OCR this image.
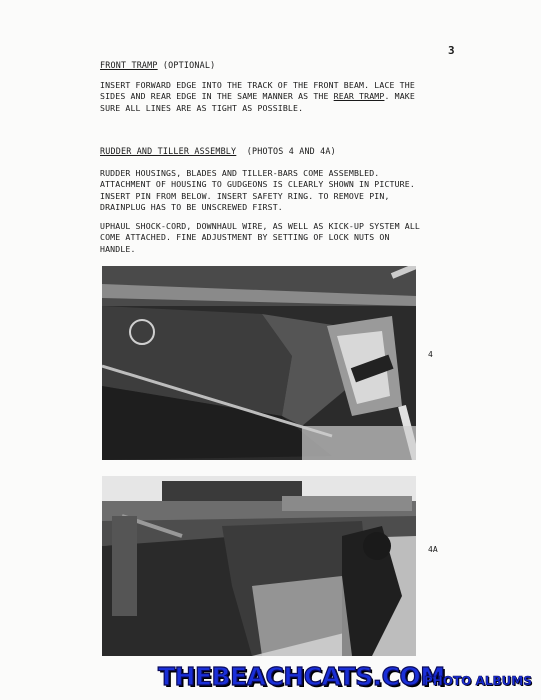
3
FRONT TRAMP (OPTIONAL)

INSERT FORWARD EDGE INTO THE TRACK OF THE FRONT BEAM. LACE THE SIDES AND REAR EDGE IN THE SAME MANNER AS THE REAR TRAMP. MAKE SURE ALL LINES ARE AS TIGHT AS POSSIBLE.

RUDDER AND TILLER ASSEMBLY  (PHOTOS 4 AND 4A)

RUDDER HOUSINGS, BLADES AND TILLER-BARS COME ASSEMBLED. ATTACHMENT OF HOUSING TO GUDGEONS IS CLEARLY SHOWN IN PICTURE. INSERT PIN FROM BELOW. INSERT SAFETY RING. TO REMOVE PIN, DRAINPLUG HAS TO BE UNSCREWED FIRST.

UPHAUL SHOCK-CORD, DOWNHAUL WIRE, AS WELL AS KICK-UP SYSTEM ALL COME ATTACHED. FINE ADJUSTMENT BY SETTING OF LOCK NUTS ON HANDLE.

4
4A
THEBEACHCATS.COM
PHOTO ALBUMS
